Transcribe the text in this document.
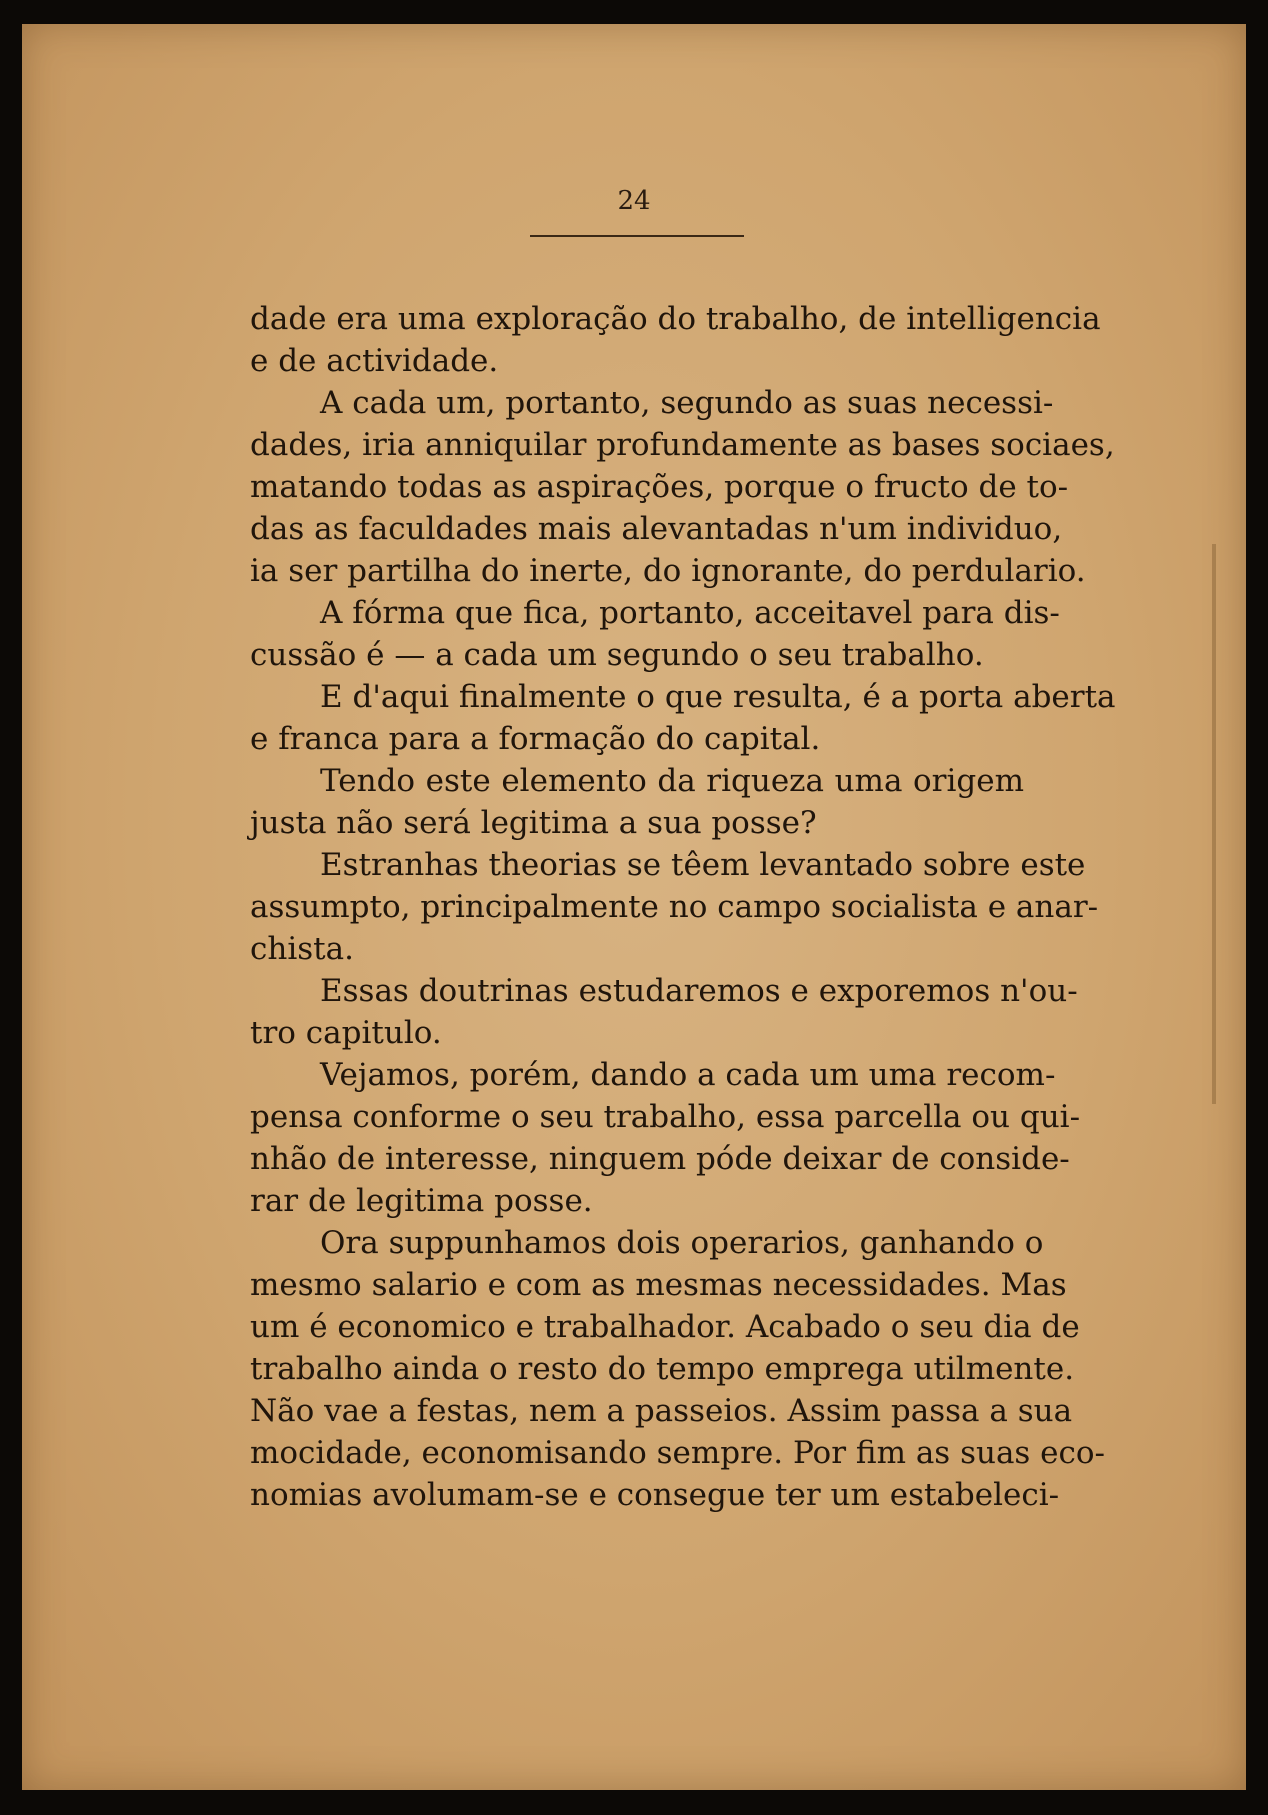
24
dade era uma exploração do trabalho, de intelligencia
e de actividade.
A cada um, portanto, segundo as suas necessi-
dades, iria anniquilar profundamente as bases sociaes,
matando todas as aspirações, porque o fructo de to-
das as faculdades mais alevantadas n'um individuo,
ia ser partilha do inerte, do ignorante, do perdulario.
A fórma que fica, portanto, acceitavel para dis-
cussão é — a cada um segundo o seu trabalho.
E d'aqui finalmente o que resulta, é a porta aberta
e franca para a formação do capital.
Tendo este elemento da riqueza uma origem
justa não será legitima a sua posse?
Estranhas theorias se têem levantado sobre este
assumpto, principalmente no campo socialista e anar-
chista.
Essas doutrinas estudaremos e exporemos n'ou-
tro capitulo.
Vejamos, porém, dando a cada um uma recom-
pensa conforme o seu trabalho, essa parcella ou qui-
nhão de interesse, ninguem póde deixar de conside-
rar de legitima posse.
Ora suppunhamos dois operarios, ganhando o
mesmo salario e com as mesmas necessidades. Mas
um é economico e trabalhador. Acabado o seu dia de
trabalho ainda o resto do tempo emprega utilmente.
Não vae a festas, nem a passeios. Assim passa a sua
mocidade, economisando sempre. Por fim as suas eco-
nomias avolumam-se e consegue ter um estabeleci-
